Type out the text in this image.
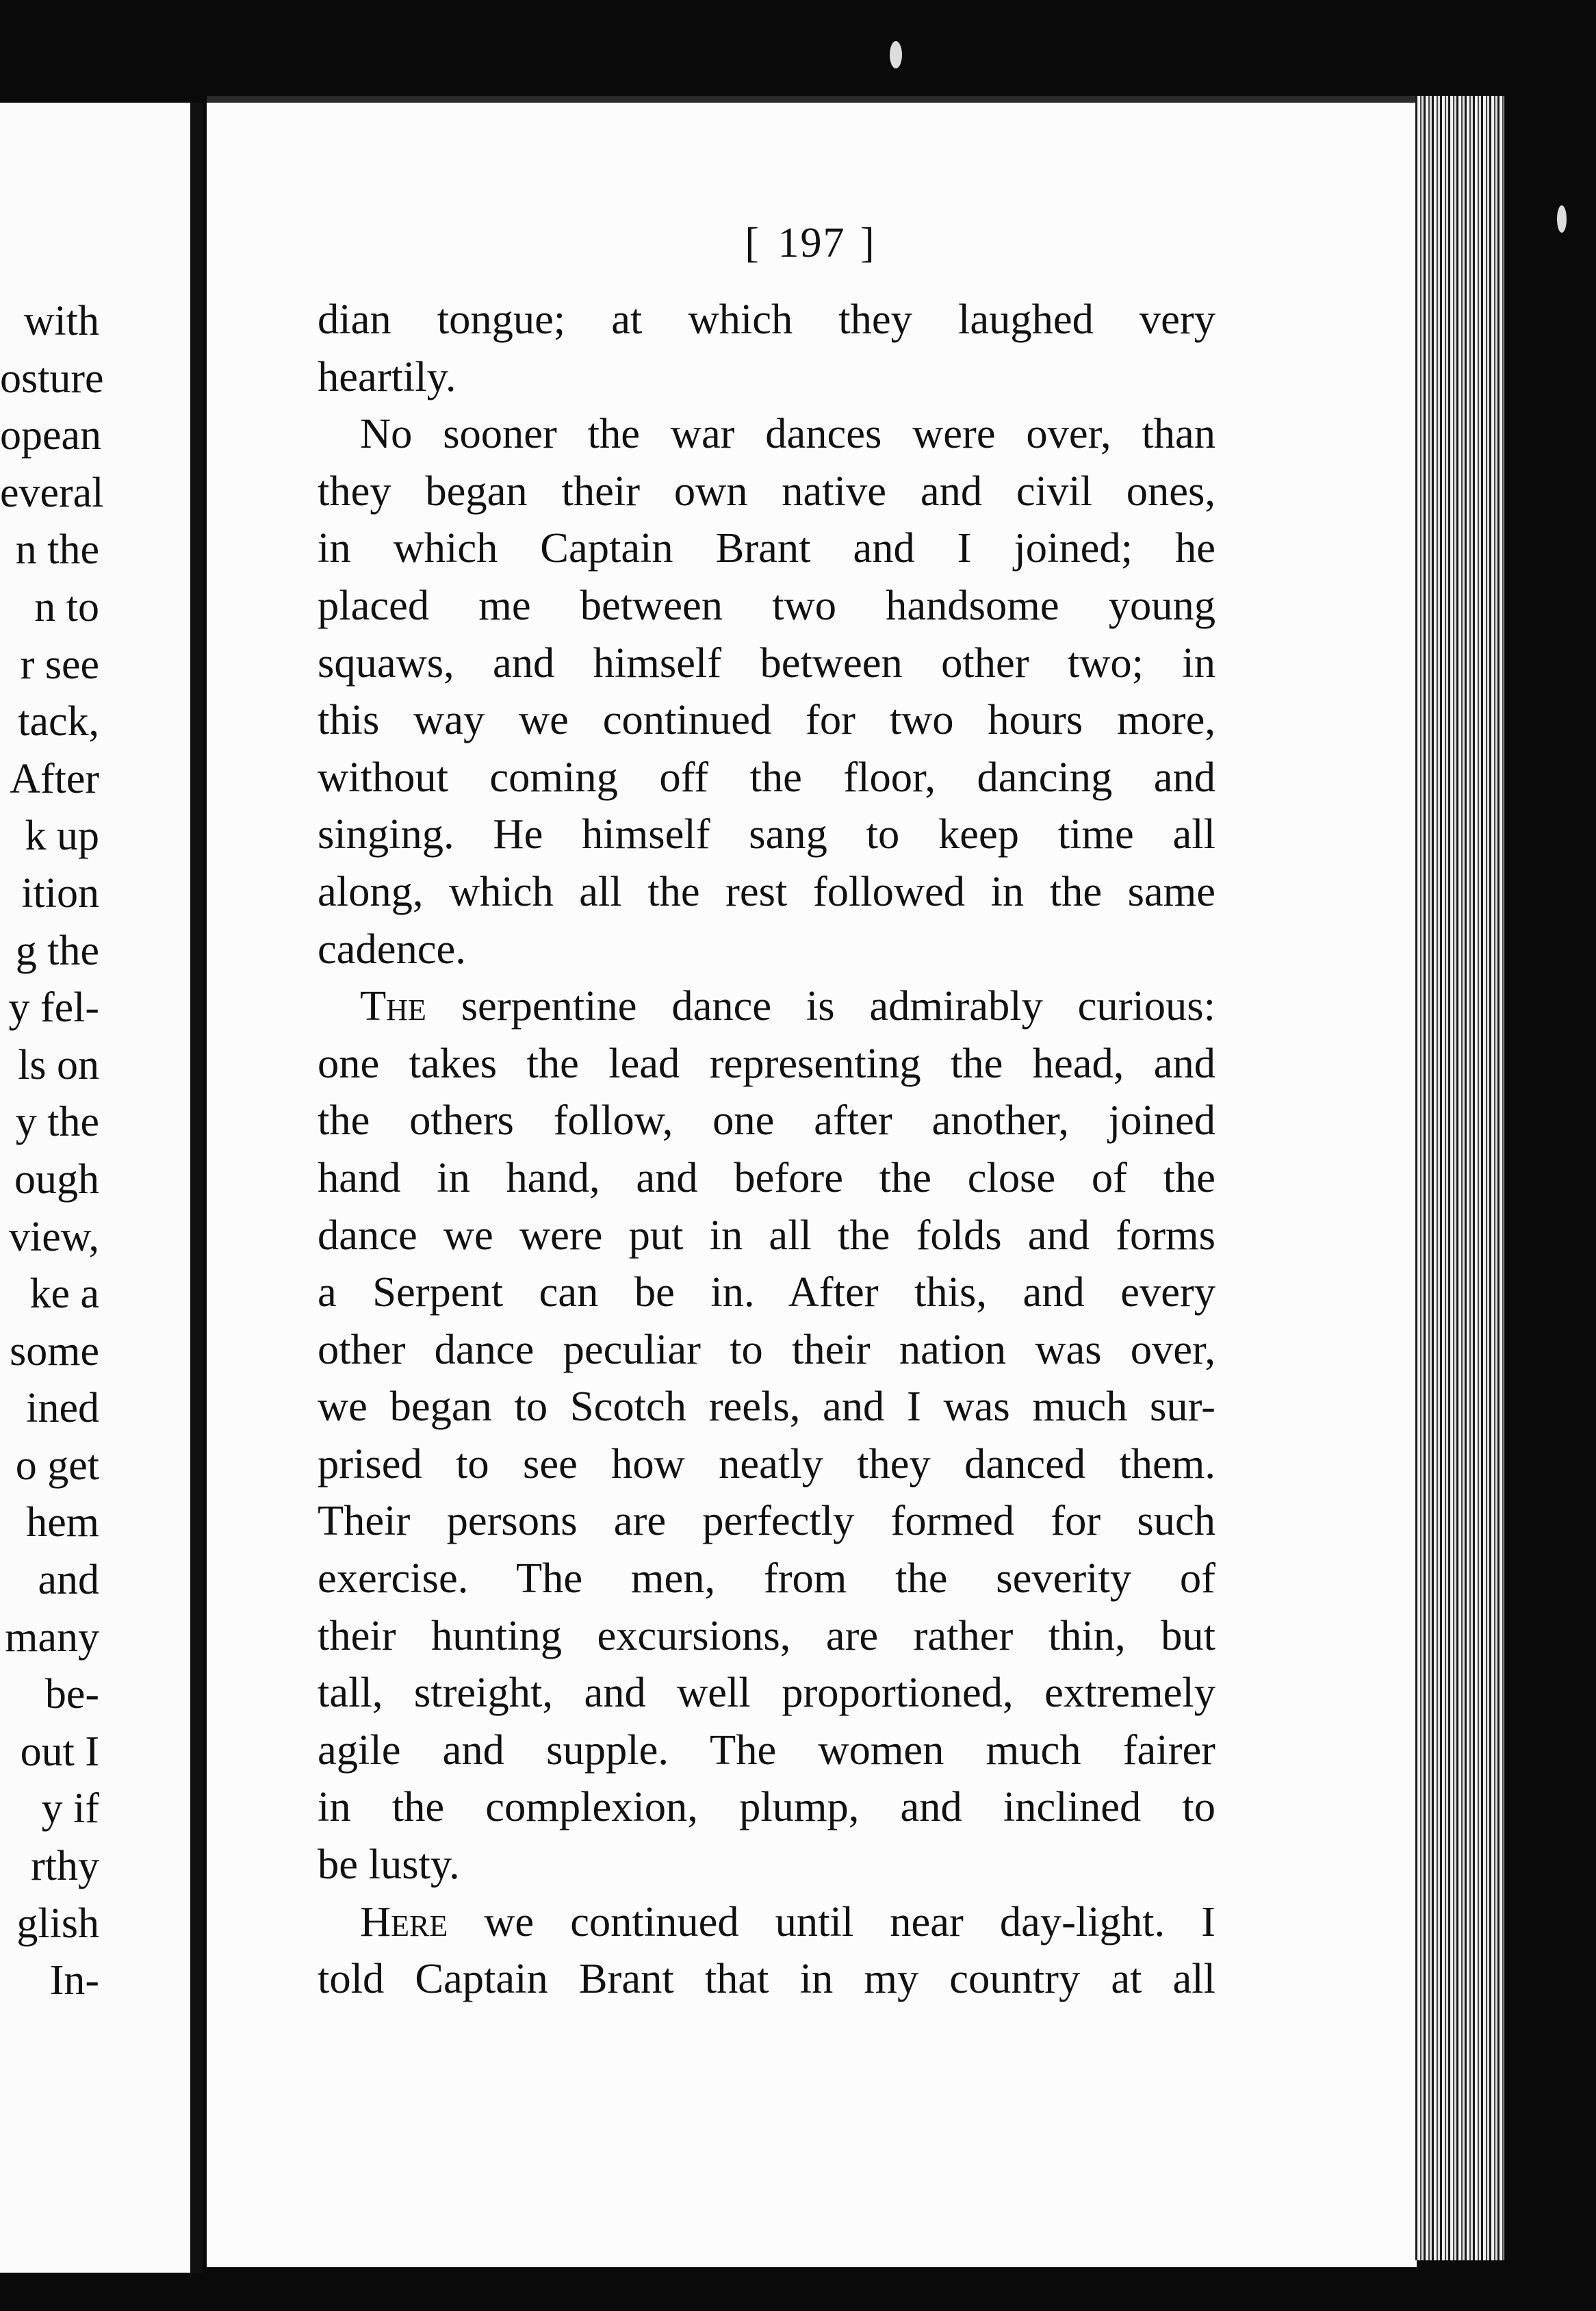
with
osture
opean
everal
n the
n to
r see
tack,
After
k up
ition
g the
y fel-
ls on
y the
ough
view,
ke a
some
ined
o get
hem
and
many
be-
out I
y if
rthy
glish
In-
[ 197 ]
dian tongue; at which they laughed very
heartily.
No sooner the war dances were over, than
they began their own native and civil ones,
in which Captain Brant and I joined; he
placed me between two handsome young
squaws, and himself between other two; in
this way we continued for two hours more,
without coming off the floor, dancing and
singing. He himself sang to keep time all
along, which all the rest followed in the same
cadence.
The serpentine dance is admirably curious:
one takes the lead representing the head, and
the others follow, one after another, joined
hand in hand, and before the close of the
dance we were put in all the folds and forms
a Serpent can be in. After this, and every
other dance peculiar to their nation was over,
we began to Scotch reels, and I was much sur-
prised to see how neatly they danced them.
Their persons are perfectly formed for such
exercise. The men, from the severity of
their hunting excursions, are rather thin, but
tall, streight, and well proportioned, extremely
agile and supple. The women much fairer
in the complexion, plump, and inclined to
be lusty.
Here we continued until near day-light. I
told Captain Brant that in my country at all
